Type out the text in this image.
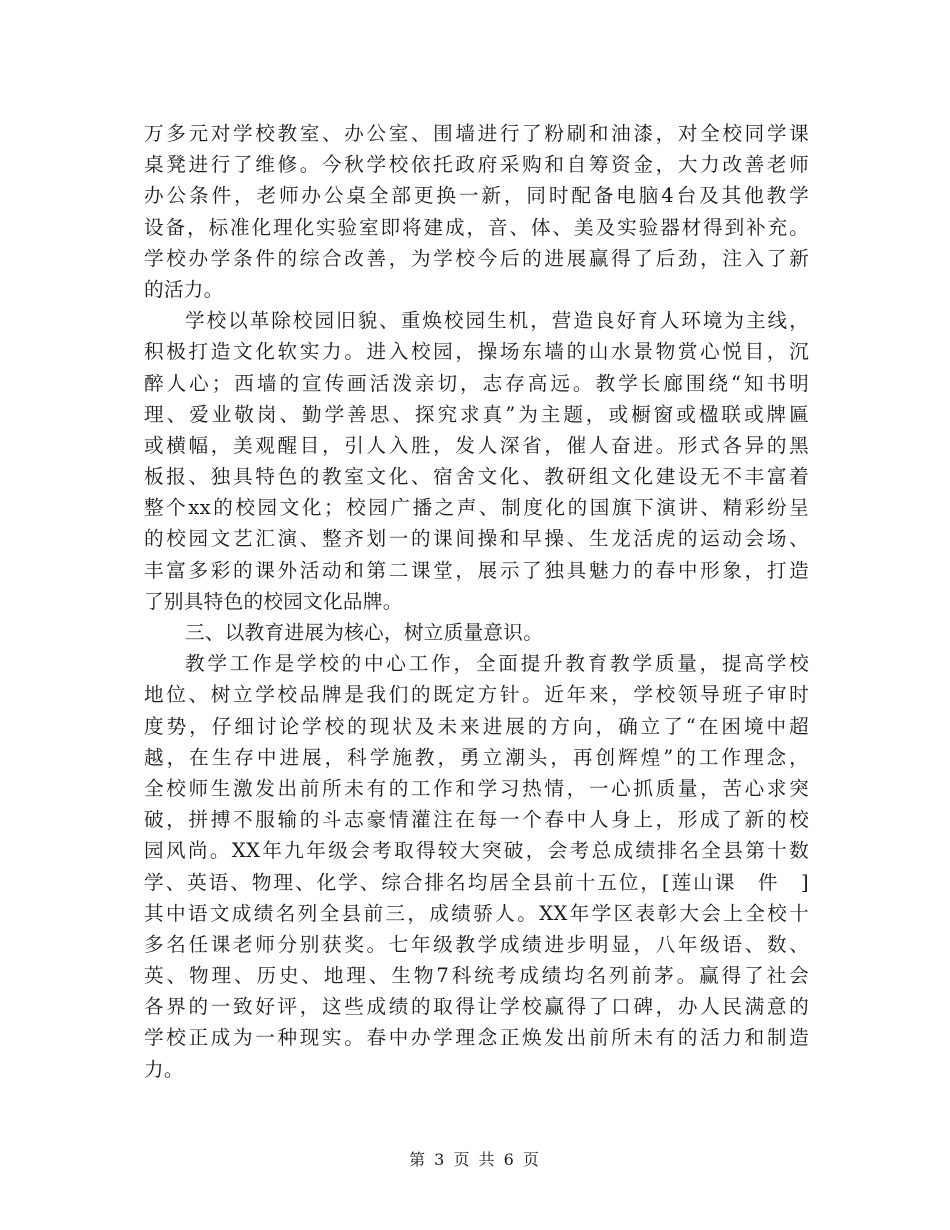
万多元对学校教室、办公室、围墙进行了粉刷和油漆，对全校同学课
桌凳进行了维修。今秋学校依托政府采购和自筹资金，大力改善老师
办公条件，老师办公桌全部更换一新，同时配备电脑4台及其他教学
设备，标准化理化实验室即将建成，音、体、美及实验器材得到补充。
学校办学条件的综合改善，为学校今后的进展赢得了后劲，注入了新
的活力。
学校以革除校园旧貌、重焕校园生机，营造良好育人环境为主线，
积极打造文化软实力。进入校园，操场东墙的山水景物赏心悦目，沉
醉人心；西墙的宣传画活泼亲切，志存高远。教学长廊围绕“知书明
理、爱业敬岗、勤学善思、探究求真”为主题，或橱窗或楹联或牌匾
或横幅，美观醒目，引人入胜，发人深省，催人奋进。形式各异的黑
板报、独具特色的教室文化、宿舍文化、教研组文化建设无不丰富着
整个xx的校园文化；校园广播之声、制度化的国旗下演讲、精彩纷呈
的校园文艺汇演、整齐划一的课间操和早操、生龙活虎的运动会场、
丰富多彩的课外活动和第二课堂，展示了独具魅力的春中形象，打造
了别具特色的校园文化品牌。
三、以教育进展为核心，树立质量意识。
教学工作是学校的中心工作，全面提升教育教学质量，提高学校
地位、树立学校品牌是我们的既定方针。近年来，学校领导班子审时
度势，仔细讨论学校的现状及未来进展的方向，确立了“在困境中超
越，在生存中进展，科学施教，勇立潮头，再创辉煌”的工作理念，
全校师生激发出前所未有的工作和学习热情，一心抓质量，苦心求突
破，拼搏不服输的斗志豪情灌注在每一个春中人身上，形成了新的校
园风尚。XX年九年级会考取得较大突破，会考总成绩排名全县第十数
学、英语、物理、化学、综合排名均居全县前十五位，[莲山课　件　]
其中语文成绩名列全县前三，成绩骄人。XX年学区表彰大会上全校十
多名任课老师分别获奖。七年级教学成绩进步明显，八年级语、数、
英、物理、历史、地理、生物7科统考成绩均名列前茅。赢得了社会
各界的一致好评，这些成绩的取得让学校赢得了口碑，办人民满意的
学校正成为一种现实。春中办学理念正焕发出前所未有的活力和制造
力。
第 3 页 共 6 页
